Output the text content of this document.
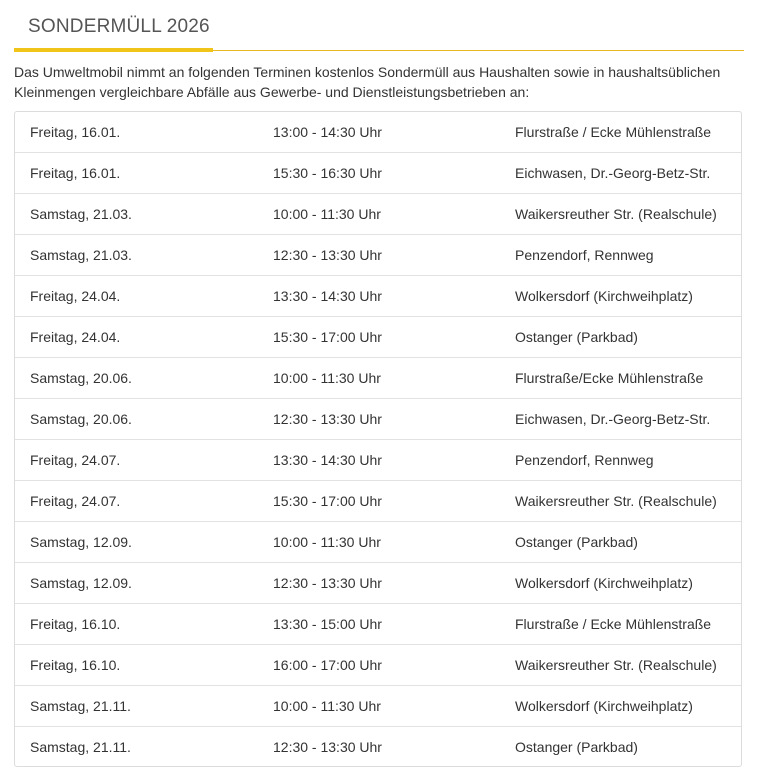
SONDERMÜLL 2026
Das Umweltmobil nimmt an folgenden Terminen kostenlos Sondermüll aus Haushalten sowie in haushaltsüblichen Kleinmengen vergleichbare Abfälle aus Gewerbe- und Dienstleistungsbetrieben an:
Freitag, 16.01.	13:00 - 14:30 Uhr	Flurstraße / Ecke Mühlenstraße
Freitag, 16.01.	15:30 - 16:30 Uhr	Eichwasen, Dr.-Georg-Betz-Str.
Samstag, 21.03.	10:00 - 11:30 Uhr	Waikersreuther Str. (Realschule)
Samstag, 21.03.	12:30 - 13:30 Uhr	Penzendorf, Rennweg
Freitag, 24.04.	13:30 - 14:30 Uhr	Wolkersdorf (Kirchweihplatz)
Freitag, 24.04.	15:30 - 17:00 Uhr	Ostanger (Parkbad)
Samstag, 20.06.	10:00 - 11:30 Uhr	Flurstraße/Ecke Mühlenstraße
Samstag, 20.06.	12:30 - 13:30 Uhr	Eichwasen, Dr.-Georg-Betz-Str.
Freitag, 24.07.	13:30 - 14:30 Uhr	Penzendorf, Rennweg
Freitag, 24.07.	15:30 - 17:00 Uhr	Waikersreuther Str. (Realschule)
Samstag, 12.09.	10:00 - 11:30 Uhr	Ostanger (Parkbad)
Samstag, 12.09.	12:30 - 13:30 Uhr	Wolkersdorf (Kirchweihplatz)
Freitag, 16.10.	13:30 - 15:00 Uhr	Flurstraße / Ecke Mühlenstraße
Freitag, 16.10.	16:00 - 17:00 Uhr	Waikersreuther Str. (Realschule)
Samstag, 21.11.	10:00 - 11:30 Uhr	Wolkersdorf (Kirchweihplatz)
Samstag, 21.11.	12:30 - 13:30 Uhr	Ostanger (Parkbad)
